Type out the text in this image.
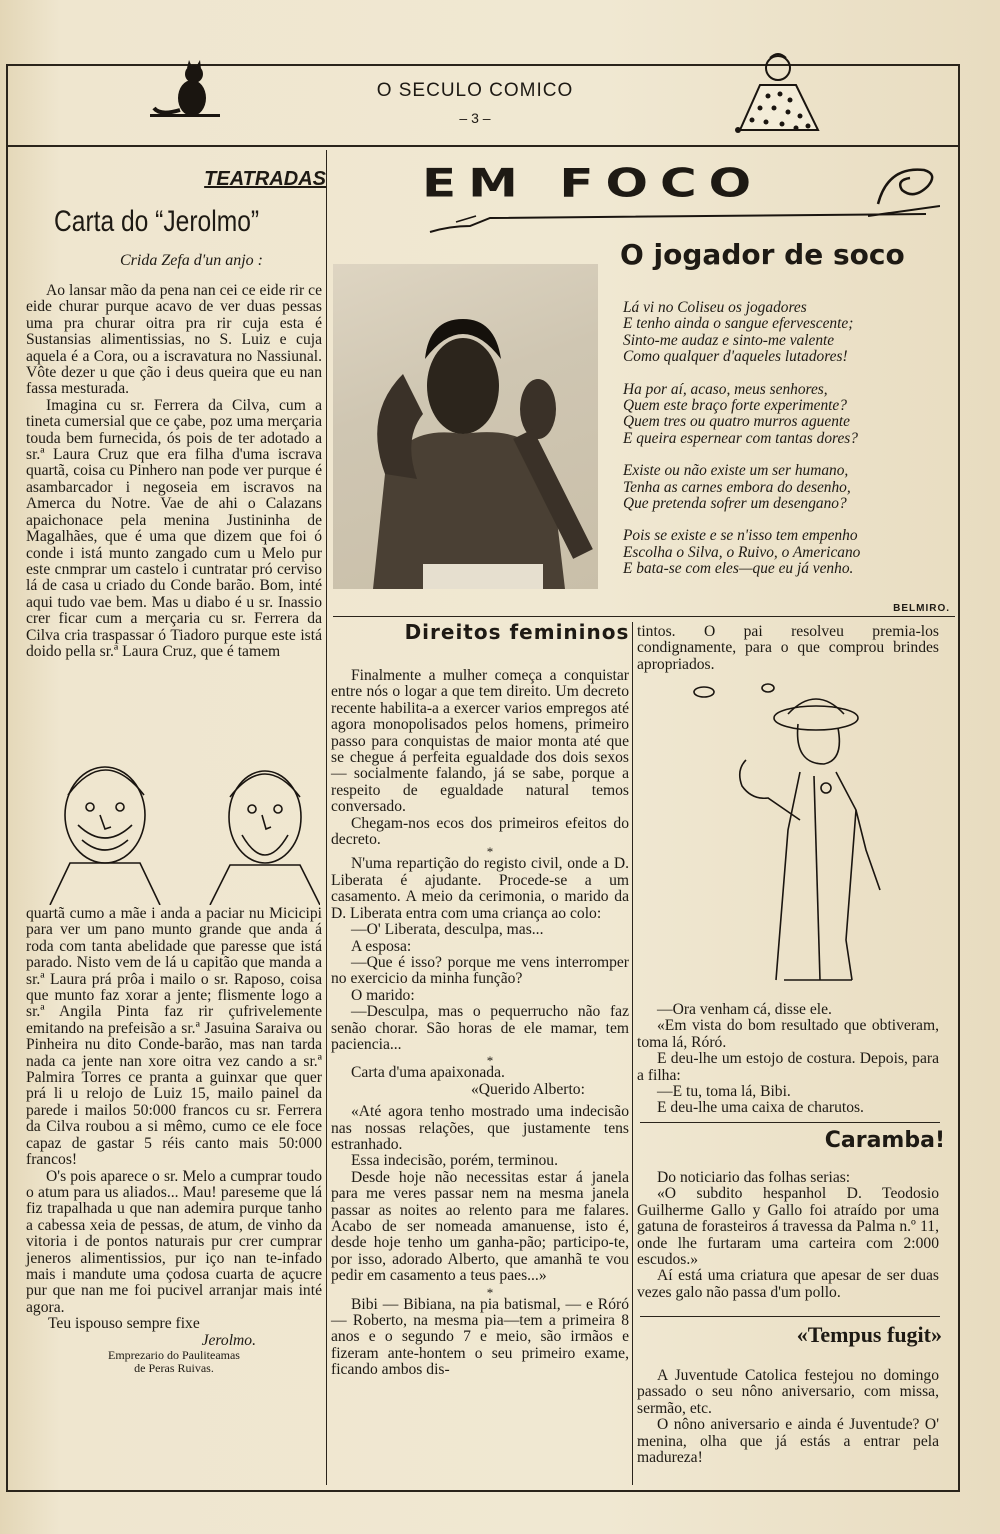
O SECULO COMICO
– 3 –
TEATRADAS
Carta do “Jerolmo”
Crida Zefa d'un anjo :

Ao lansar mão da pena nan cei ce eide rir ce eide churar purque acavo de ver duas pessas uma pra churar oitra pra rir cuja esta é Sustansias alimentissias, no S. Luiz e cuja aquela é a Cora, ou a iscravatura no Nassiunal. Vôte dezer u que ção i deus queira que eu nan fassa mesturada.

Imagina cu sr. Ferrera da Cilva, cum a tineta cumersial que ce çabe, poz uma merçaria touda bem furnecida, ós pois de ter adotado a sr.ª Laura Cruz que era filha d'uma iscrava quartã, coisa cu Pinhero nan pode ver purque é asambarcador i negoseia em iscravos na Amerca du Notre. Vae de ahi o Calazans apaichonace pela menina Justininha de Magalhães, que é uma que dizem que foi ó conde i istá munto zangado cum u Melo pur este cnmprar um castelo i cuntratar pró cerviso lá de casa u criado du Conde barão. Bom, inté aqui tudo vae bem. Mas u diabo é u sr. Inassio crer ficar cum a merçaria cu sr. Ferrera da Cilva cria traspassar ó Tiadoro purque este istá doido pella sr.ª Laura Cruz, que é tamem

quartã cumo a mãe i anda a paciar nu Micicipi para ver um pano munto grande que anda á roda com tanta abelidade que paresse que istá parado. Nisto vem de lá u capitão que manda a sr.ª Laura prá prôa i mailo o sr. Raposo, coisa que munto faz xorar a jente; flismente logo a sr.ª Angila Pinta faz rir çufrivelemente emitando na prefeisão a sr.ª Jasuina Saraiva ou Pinheira nu dito Conde-barão, mas nan tarda nada ca jente nan xore oitra vez cando a sr.ª Palmira Torres ce pranta a guinxar que quer prá li u relojo de Luiz 15, mailo painel da parede i mailos 50:000 francos cu sr. Ferrera da Cilva roubou a si mêmo, cumo ce ele foce capaz de gastar 5 réis canto mais 50:000 francos!

O's pois aparece o sr. Melo a cumprar toudo o atum para us aliados... Mau! pareseme que lá fiz trapalhada u que nan ademira purque tanho a cabessa xeia de pessas, de atum, de vinho da vitoria i de pontos naturais pur crer cumprar jeneros alimentissios, pur iço nan te-infado mais i mandute uma çodosa cuarta de açucre pur que nan me foi pucivel arranjar mais inté agora.

Teu ispouso sempre fixe

Jerolmo.

Emprezario do Pauliteamas
de Peras Ruivas.
EM FOCO
O jogador de soco
Lá vi no Coliseu os jogadores
E tenho ainda o sangue efervescente;
Sinto-me audaz e sinto-me valente
Como qualquer d'aqueles lutadores!
Ha por aí, acaso, meus senhores,
Quem este braço forte experimente?
Quem tres ou quatro murros aguente
E queira espernear com tantas dores?
Existe ou não existe um ser humano,
Tenha as carnes embora do desenho,
Que pretenda sofrer um desengano?
Pois se existe e se n'isso tem empenho
Escolha o Silva, o Ruivo, o Americano
E bata-se com eles—que eu já venho.
BELMIRO.
Direitos femininos

Finalmente a mulher começa a conquistar entre nós o logar a que tem direito. Um decreto recente habilita-a a exercer varios empregos até agora monopolisados pelos homens, primeiro passo para conquistas de maior monta até que se chegue á perfeita egualdade dos dois sexos — socialmente falando, já se sabe, porque a respeito de egualdade natural temos conversado.

Chegam-nos ecos dos primeiros efeitos do decreto.

*

N'uma repartição do registo civil, onde a D. Liberata é ajudante. Procede-se a um casamento. A meio da cerimonia, o marido da D. Liberata entra com uma criança ao colo:

—O' Liberata, desculpa, mas...

A esposa:

—Que é isso? porque me vens interromper no exercicio da minha função?

O marido:

—Desculpa, mas o pequerrucho não faz senão chorar. São horas de ele mamar, tem paciencia...

*

Carta d'uma apaixonada.

«Querido Alberto:

«Até agora tenho mostrado uma indecisão nas nossas relações, que justamente tens estranhado.

Essa indecisão, porém, terminou.

Desde hoje não necessitas estar á janela para me veres passar nem na mesma janela passar as noites ao relento para me falares. Acabo de ser nomeada amanuense, isto é, desde hoje tenho um ganha-pão; participo-te, por isso, adorado Alberto, que amanhã te vou pedir em casamento a teus paes...»

*

Bibi — Bibiana, na pia batismal, — e Róró — Roberto, na mesma pia—tem a primeira 8 anos e o segundo 7 e meio, são irmãos e fizeram ante-hontem o seu primeiro exame, ficando ambos dis-

tintos. O pai resolveu premia-los condignamente, para o que comprou brindes apropriados.

—Ora venham cá, disse ele.

«Em vista do bom resultado que obtiveram, toma lá, Róró.

E deu-lhe um estojo de costura. Depois, para a filha:

—E tu, toma lá, Bibi.

E deu-lhe uma caixa de charutos.

Caramba!

Do noticiario das folhas serias:

«O subdito hespanhol D. Teodosio Guilherme Gallo y Gallo foi atraído por uma gatuna de forasteiros á travessa da Palma n.º 11, onde lhe furtaram uma carteira com 2:000 escudos.»

Aí está uma criatura que apesar de ser duas vezes galo não passa d'um pollo.

«Tempus fugit»

A Juventude Catolica festejou no domingo passado o seu nôno aniversario, com missa, sermão, etc.

O nôno aniversario e ainda é Juventude? O' menina, olha que já estás a entrar pela madureza!
